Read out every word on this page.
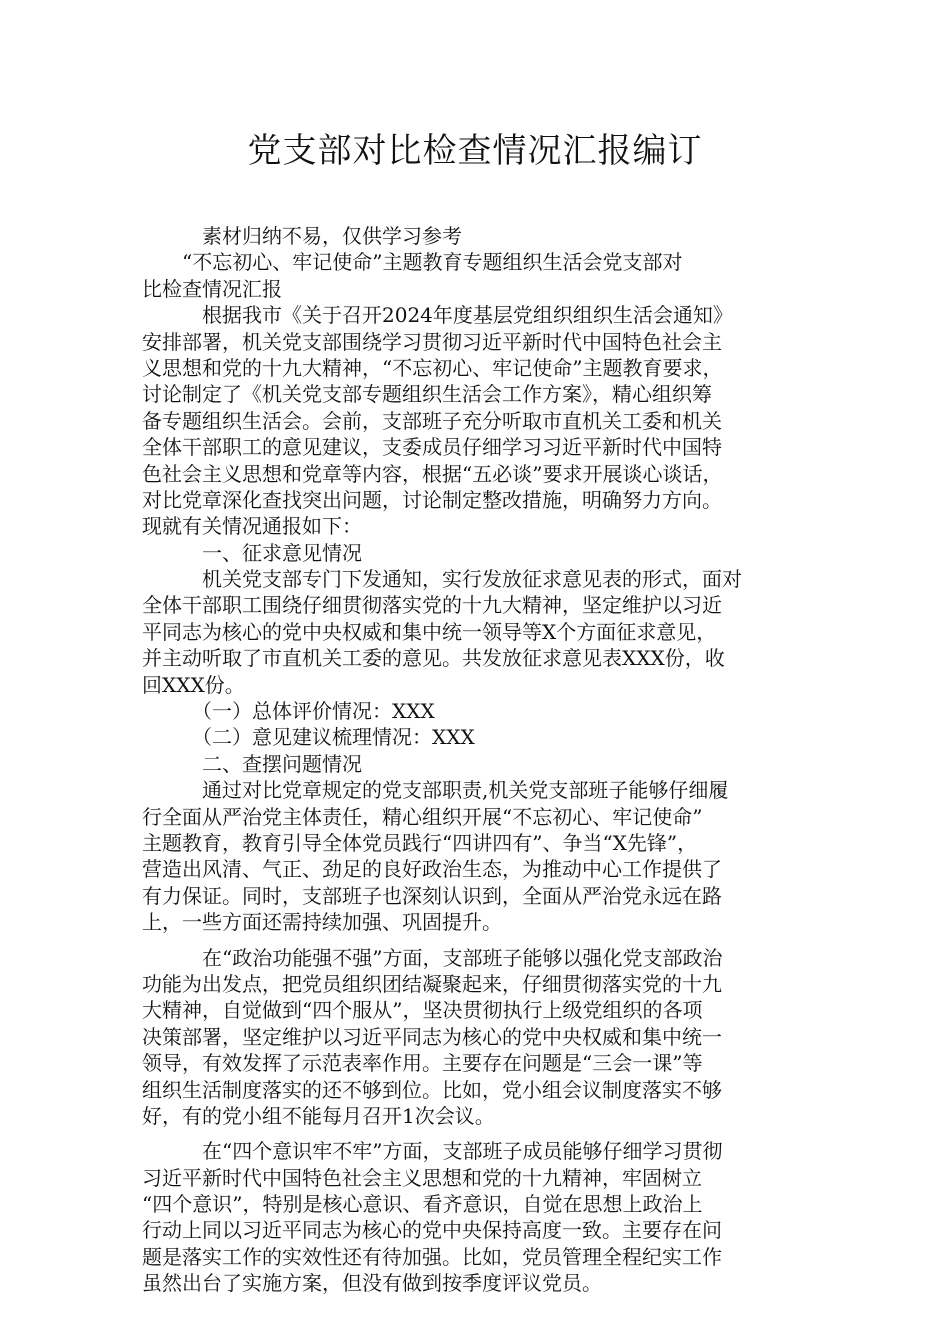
党支部对比检查情况汇报编订
　　　素材归纳不易，仅供学习参考
　　“不忘初心、牢记使命”主题教育专题组织生活会党支部对
比检查情况汇报
　　　根据我市《关于召开2024年度基层党组织组织生活会通知》
安排部署，机关党支部围绕学习贯彻习近平新时代中国特色社会主
义思想和党的十九大精神，“不忘初心、牢记使命”主题教育要求，
讨论制定了《机关党支部专题组织生活会工作方案》，精心组织筹
备专题组织生活会。会前，支部班子充分听取市直机关工委和机关
全体干部职工的意见建议，支委成员仔细学习习近平新时代中国特
色社会主义思想和党章等内容，根据“五必谈”要求开展谈心谈话，
对比党章深化查找突出问题，讨论制定整改措施，明确努力方向。
现就有关情况通报如下：
　　　一、征求意见情况
　　　机关党支部专门下发通知，实行发放征求意见表的形式，面对
全体干部职工围绕仔细贯彻落实党的十九大精神，坚定维护以习近
平同志为核心的党中央权威和集中统一领导等X个方面征求意见，
并主动听取了市直机关工委的意见。共发放征求意见表XXX份，收
回XXX份。
　　　（一）总体评价情况：XXX
　　　（二）意见建议梳理情况：XXX
　　　二、查摆问题情况
　　　通过对比党章规定的党支部职责,机关党支部班子能够仔细履
行全面从严治党主体责任，精心组织开展“不忘初心、牢记使命”
主题教育，教育引导全体党员践行“四讲四有”、争当“X先锋”，
营造出风清、气正、劲足的良好政治生态，为推动中心工作提供了
有力保证。同时，支部班子也深刻认识到，全面从严治党永远在路
上，一些方面还需持续加强、巩固提升。
　　　在“政治功能强不强”方面，支部班子能够以强化党支部政治
功能为出发点，把党员组织团结凝聚起来，仔细贯彻落实党的十九
大精神，自觉做到“四个服从”，坚决贯彻执行上级党组织的各项
决策部署，坚定维护以习近平同志为核心的党中央权威和集中统一
领导，有效发挥了示范表率作用。主要存在问题是“三会一课”等
组织生活制度落实的还不够到位。比如，党小组会议制度落实不够
好，有的党小组不能每月召开1次会议。
　　　在“四个意识牢不牢”方面，支部班子成员能够仔细学习贯彻
习近平新时代中国特色社会主义思想和党的十九精神，牢固树立
“四个意识”，特别是核心意识、看齐意识，自觉在思想上政治上
行动上同以习近平同志为核心的党中央保持高度一致。主要存在问
题是落实工作的实效性还有待加强。比如，党员管理全程纪实工作
虽然出台了实施方案，但没有做到按季度评议党员。
